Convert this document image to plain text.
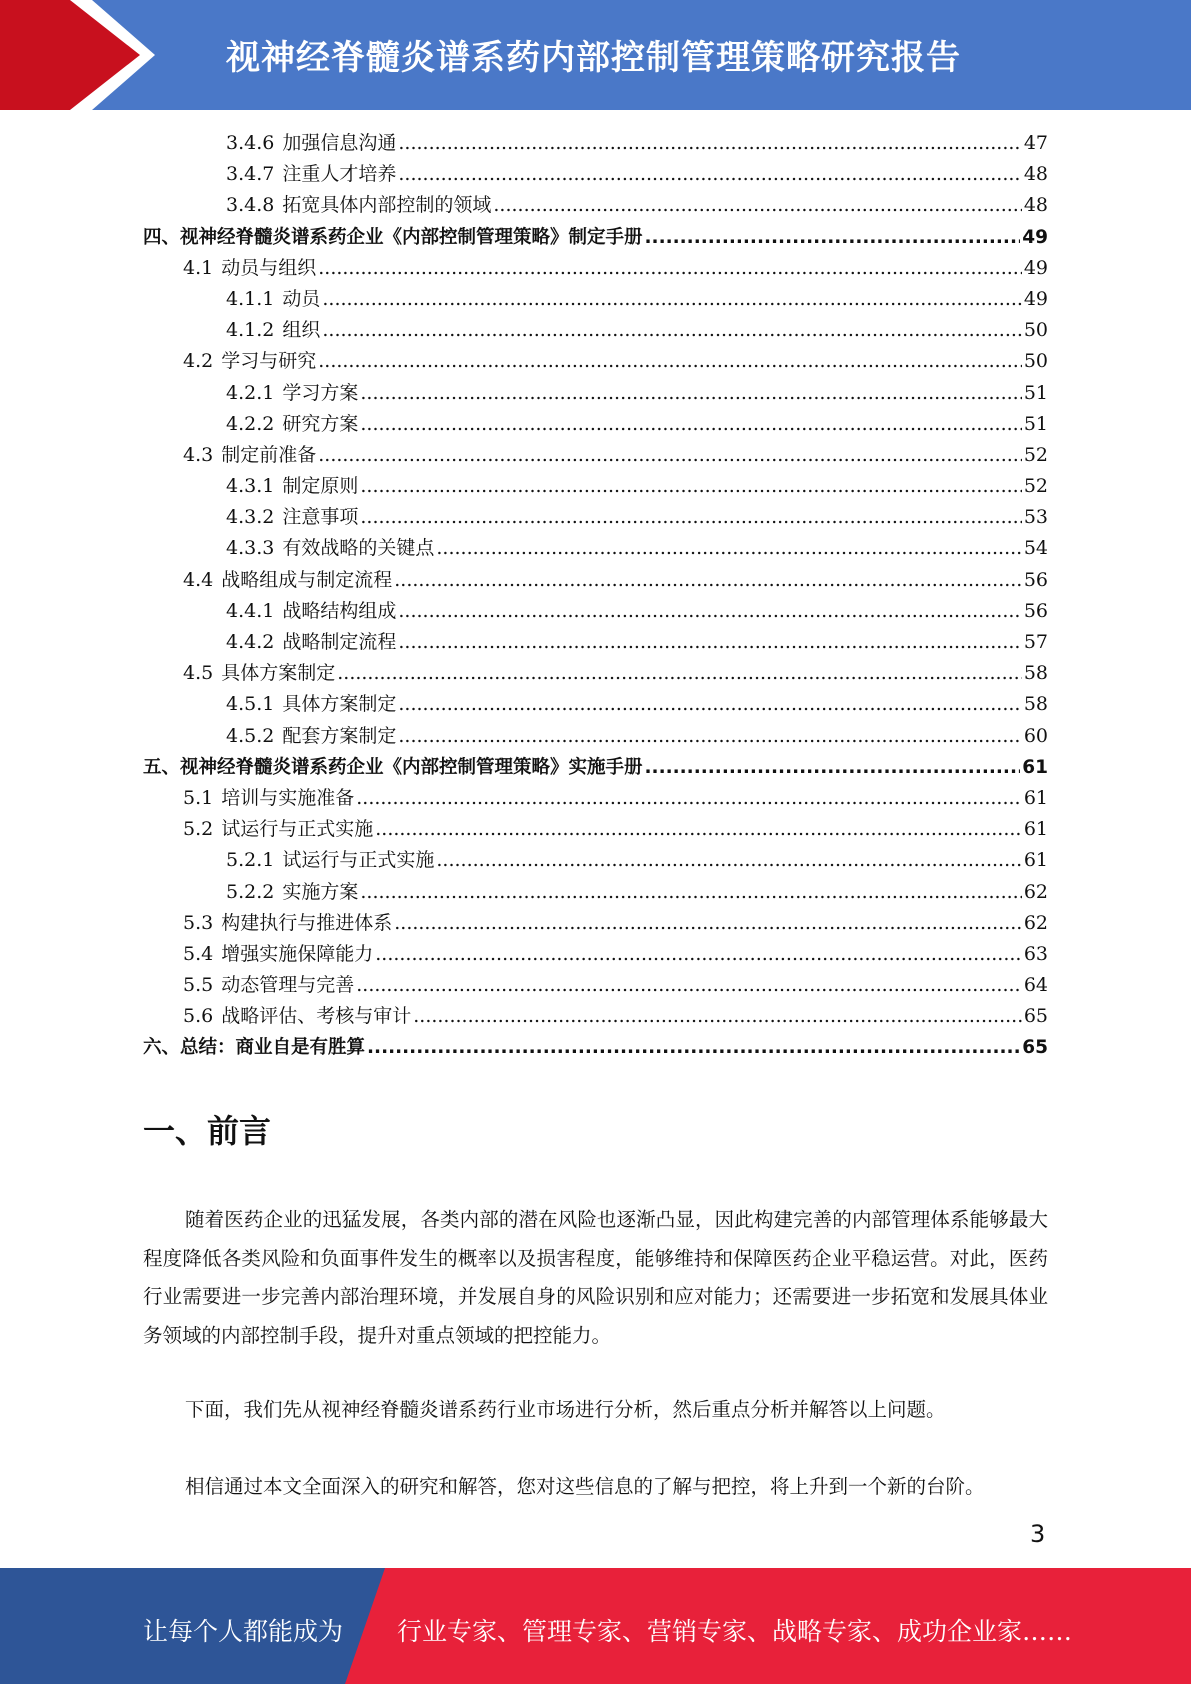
视神经脊髓炎谱系药内部控制管理策略研究报告
3.4.6 加强信息沟通 .....	47
3.4.7 注重人才培养 .....	48
3.4.8 拓宽具体内部控制的领域 .....	48
四、视神经脊髓炎谱系药企业《内部控制管理策略》制定手册 .....	49
4.1 动员与组织 .....	49
4.1.1 动员 .....	49
4.1.2 组织 .....	50
4.2 学习与研究 .....	50
4.2.1 学习方案 .....	51
4.2.2 研究方案 .....	51
4.3 制定前准备 .....	52
4.3.1 制定原则 .....	52
4.3.2 注意事项 .....	53
4.3.3 有效战略的关键点 .....	54
4.4 战略组成与制定流程 .....	56
4.4.1 战略结构组成 .....	56
4.4.2 战略制定流程 .....	57
4.5 具体方案制定 .....	58
4.5.1 具体方案制定 .....	58
4.5.2 配套方案制定 .....	60
五、视神经脊髓炎谱系药企业《内部控制管理策略》实施手册 .....	61
5.1 培训与实施准备 .....	61
5.2 试运行与正式实施 .....	61
5.2.1 试运行与正式实施 .....	61
5.2.2 实施方案 .....	62
5.3 构建执行与推进体系 .....	62
5.4 增强实施保障能力 .....	63
5.5 动态管理与完善 .....	64
5.6 战略评估、考核与审计 .....	65
六、总结：商业自是有胜算 .....	65
一、前言

随着医药企业的迅猛发展，各类内部的潜在风险也逐渐凸显，因此构建完善的内部管理体系能够最大程度降低各类风险和负面事件发生的概率以及损害程度，能够维持和保障医药企业平稳运营。对此，医药行业需要进一步完善内部治理环境，并发展自身的风险识别和应对能力；还需要进一步拓宽和发展具体业务领域的内部控制手段，提升对重点领域的把控能力。

下面，我们先从视神经脊髓炎谱系药行业市场进行分析，然后重点分析并解答以上问题。

相信通过本文全面深入的研究和解答，您对这些信息的了解与把控，将上升到一个新的台阶。

3
让每个人都能成为 行业专家、管理专家、营销专家、战略专家、成功企业家……
